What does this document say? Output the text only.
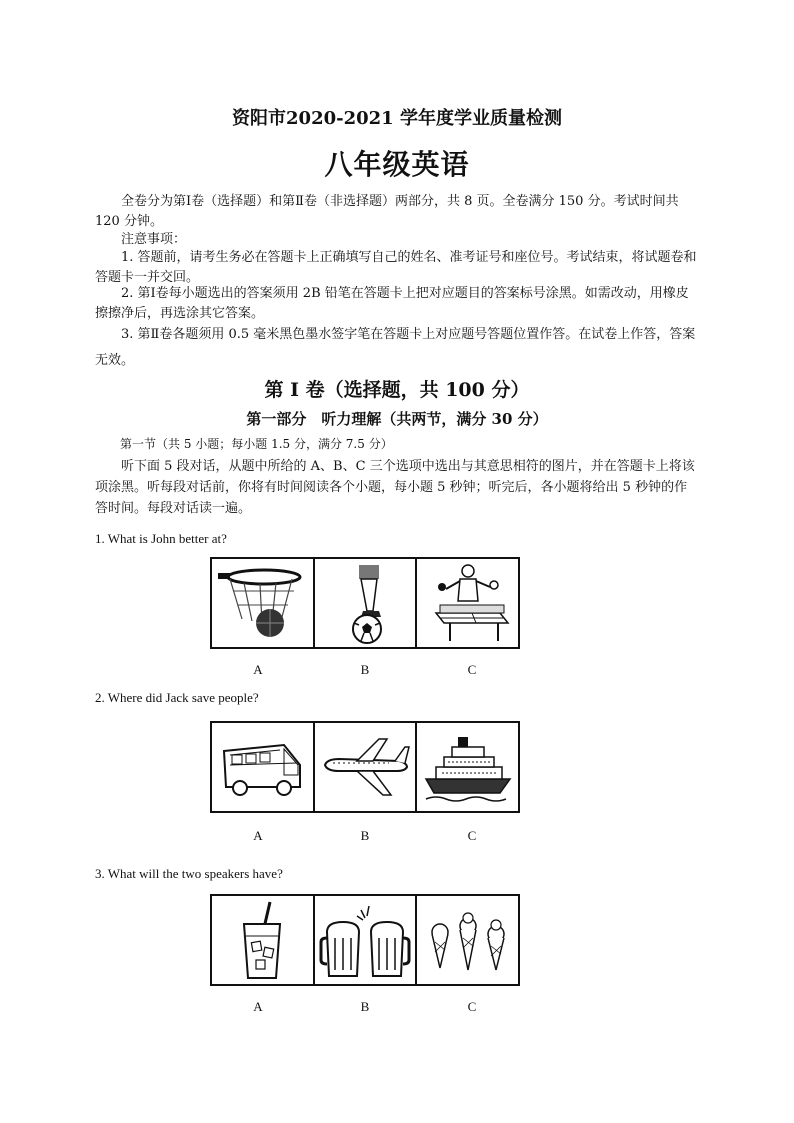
资阳市2020-2021 学年度学业质量检测
八年级英语
全卷分为第Ⅰ卷（选择题）和第Ⅱ卷（非选择题）两部分，共 8 页。全卷满分 150 分。考试时间共 120 分钟。
注意事项：
1. 答题前，请考生务必在答题卡上正确填写自己的姓名、准考证号和座位号。考试结束，将试题卷和答题卡一并交回。
2. 第Ⅰ卷每小题选出的答案须用 2B 铅笔在答题卡上把对应题目的答案标号涂黑。如需改动，用橡皮擦擦净后，再选涂其它答案。
3. 第Ⅱ卷各题须用 0.5 毫米黑色墨水签字笔在答题卡上对应题号答题位置作答。在试卷上作答，答案无效。
第 I 卷（选择题，共 100 分）
第一部分　听力理解（共两节，满分 30 分）
第一节（共 5 小题；每小题 1.5 分，满分 7.5 分）
听下面 5 段对话，从题中所给的 A、B、C 三个选项中选出与其意思相符的图片，并在答题卡上将该项涂黑。听每段对话前，你将有时间阅读各个小题，每小题 5 秒钟；听完后，各小题将给出 5 秒钟的作答时间。每段对话读一遍。
1. What is John better at?
A	B	C
2. Where did Jack save people?
A	B	C
3. What will the two speakers have?
A	B	C
